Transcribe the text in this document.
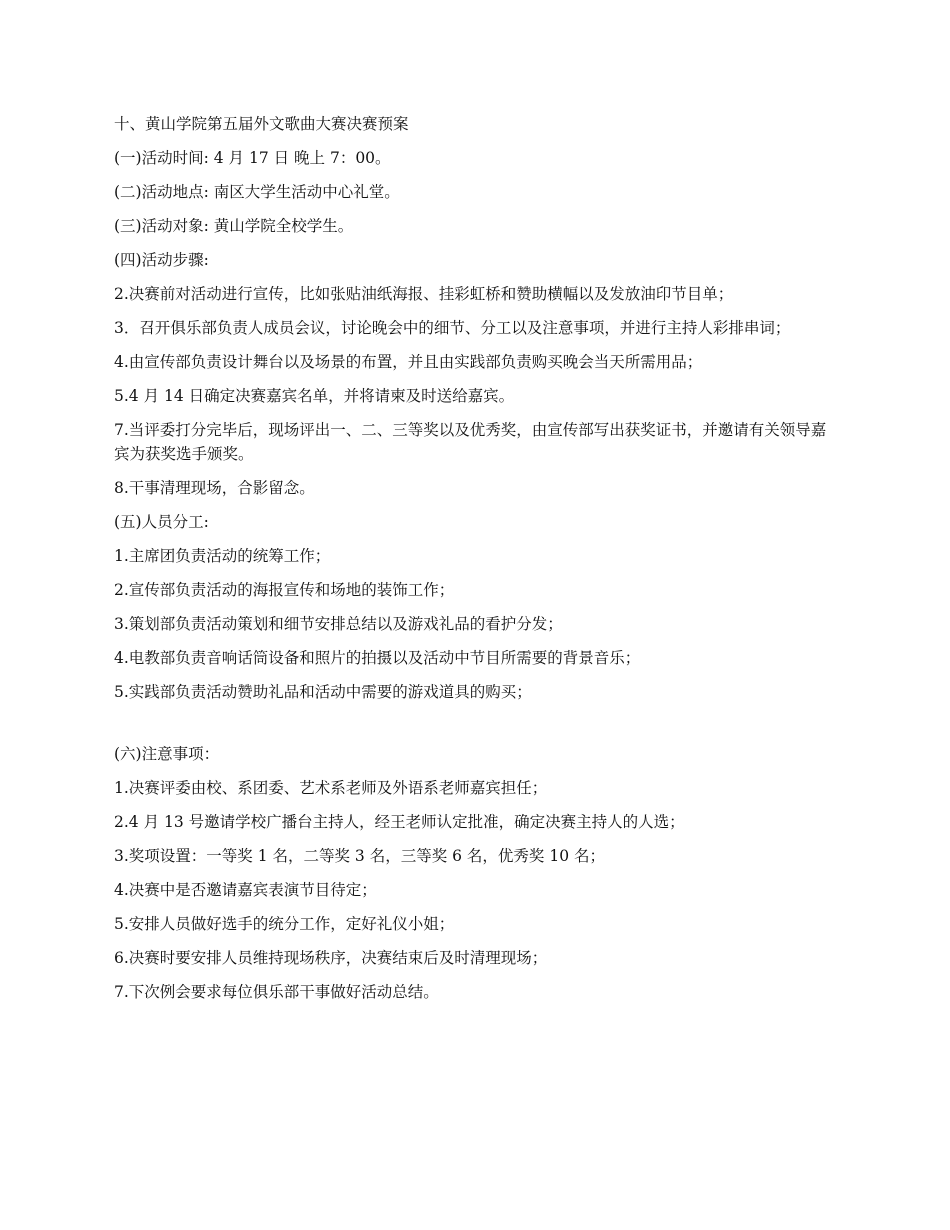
十、黄山学院第五届外文歌曲大赛决赛预案

(一)活动时间: 4 月 17 日 晚上 7：00。

(二)活动地点: 南区大学生活动中心礼堂。

(三)活动对象: 黄山学院全校学生。

(四)活动步骤:

2.决赛前对活动进行宣传，比如张贴油纸海报、挂彩虹桥和赞助横幅以及发放油印节目单；

3．召开俱乐部负责人成员会议，讨论晚会中的细节、分工以及注意事项，并进行主持人彩排串词；

4.由宣传部负责设计舞台以及场景的布置，并且由实践部负责购买晚会当天所需用品；

5.4 月 14 日确定决赛嘉宾名单，并将请柬及时送给嘉宾。

7.当评委打分完毕后，现场评出一、二、三等奖以及优秀奖，由宣传部写出获奖证书，并邀请有关领导嘉宾为获奖选手颁奖。

8.干事清理现场，合影留念。

(五)人员分工:

1.主席团负责活动的统筹工作；

2.宣传部负责活动的海报宣传和场地的装饰工作；

3.策划部负责活动策划和细节安排总结以及游戏礼品的看护分发；

4.电教部负责音响话筒设备和照片的拍摄以及活动中节目所需要的背景音乐；

5.实践部负责活动赞助礼品和活动中需要的游戏道具的购买；

(六)注意事项：

1.决赛评委由校、系团委、艺术系老师及外语系老师嘉宾担任；

2.4 月 13 号邀请学校广播台主持人，经王老师认定批准，确定决赛主持人的人选；

3.奖项设置：一等奖 1 名，二等奖 3 名，三等奖 6 名，优秀奖 10 名；

4.决赛中是否邀请嘉宾表演节目待定；

5.安排人员做好选手的统分工作，定好礼仪小姐；

6.决赛时要安排人员维持现场秩序，决赛结束后及时清理现场；

7.下次例会要求每位俱乐部干事做好活动总结。
